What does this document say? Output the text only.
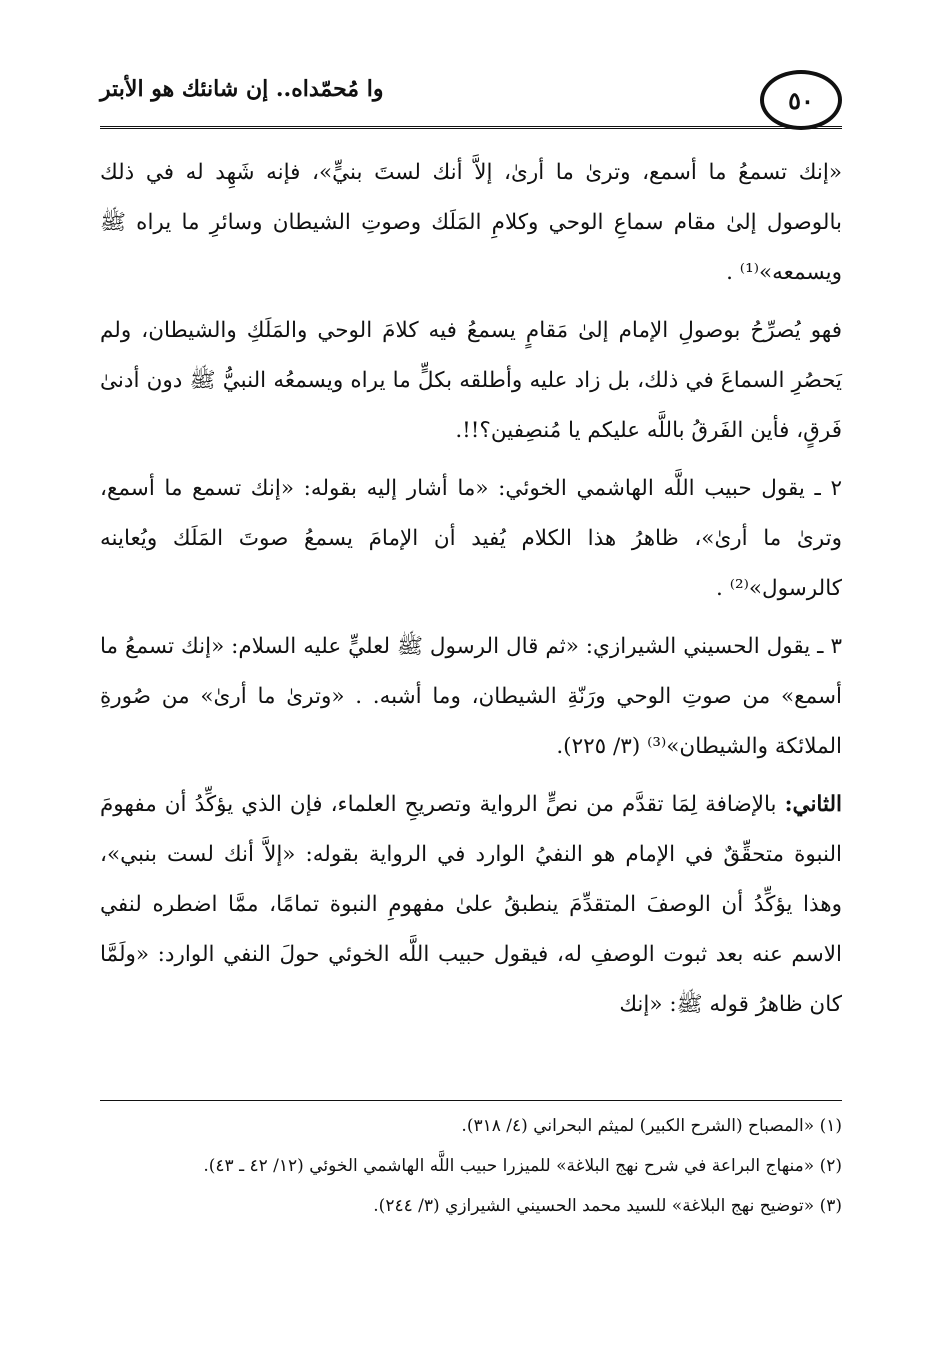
٥٠
وا مُحمّداه.. إن شانئك هو الأبتر

«إنك تسمعُ ما أسمع، وترىٰ ما أرىٰ، إلاَّ أنك لستَ بنيٍّ»، فإنه شَهِد له في ذلك بالوصول إلىٰ مقام سماعِ الوحي وكلامِ المَلَك وصوتِ الشيطان وسائرِ ما يراه ﷺ ويسمعه»⁽¹⁾ .

فهو يُصرِّحُ بوصولِ الإمام إلىٰ مَقامٍ يسمعُ فيه كلامَ الوحي والمَلَكِ والشيطان، ولم يَحصُرِ السماعَ في ذلك، بل زاد عليه وأطلقه بكلٍّ ما يراه ويسمعُه النبيُّ ﷺ دون أدنىٰ فَرقٍ، فأين الفَرقُ باللَّه عليكم يا مُنصِفين؟!!.

٢ ـ يقول حبيب اللَّه الهاشمي الخوئي: «ما أشار إليه بقوله: «إنك تسمع ما أسمع، وترىٰ ما أرىٰ»، ظاهرُ هذا الكلام يُفيد أن الإمامَ يسمعُ صوتَ المَلَك ويُعاينه كالرسول»⁽²⁾ .

٣ ـ يقول الحسيني الشيرازي: «ثم قال الرسول ﷺ لعليٍّ عليه السلام: «إنك تسمعُ ما أسمع» من صوتِ الوحي ورَنّةِ الشيطان، وما أشبه. . «وترىٰ ما أرىٰ» من صُورةِ الملائكة والشيطان»⁽³⁾ (٣/ ٢٢٥).

الثاني: بالإضافة لِمَا تقدَّم من نصٍّ الرواية وتصريحِ العلماء، فإن الذي يؤكِّدُ أن مفهومَ النبوة متحقِّقٌ في الإمام هو النفيُ الوارد في الرواية بقوله: «إلاَّ أنك لست بنبي»، وهذا يؤكِّدُ أن الوصفَ المتقدِّمَ ينطبقُ علىٰ مفهومِ النبوة تمامًا، ممَّا اضطره لنفي الاسم عنه بعد ثبوت الوصفِ له، فيقول حبيب اللَّه الخوئي حولَ النفي الوارد: «ولَمَّا كان ظاهرُ قوله ﷺ: «إنك

(١) «المصباح (الشرح الكبير) لميثم البحراني (٤/ ٣١٨).

(٢) «منهاج البراعة في شرح نهج البلاغة» للميزرا حبيب اللَّه الهاشمي الخوئي (١٢/ ٤٢ ـ ٤٣).

(٣) «توضيح نهج البلاغة» للسيد محمد الحسيني الشيرازي (٣/ ٢٤٤).
